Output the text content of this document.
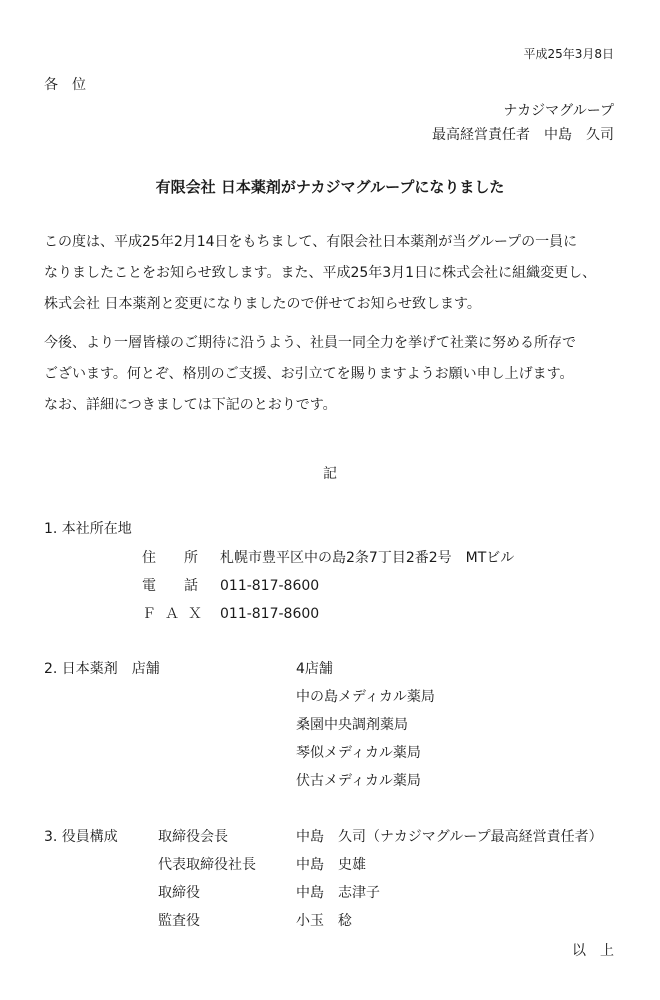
平成25年3月8日
各　位
ナカジマグループ
最高経営責任者　中島　久司
有限会社 日本薬剤がナカジマグループになりました
この度は、平成25年2月14日をもちまして、有限会社日本薬剤が当グループの一員に
なりましたことをお知らせ致します。また、平成25年3月1日に株式会社に組織変更し、
株式会社 日本薬剤と変更になりましたので併せてお知らせ致します。
今後、より一層皆様のご期待に沿うよう、社員一同全力を挙げて社業に努める所存で
ございます。何とぞ、格別のご支援、お引立てを賜りますようお願い申し上げます。
なお、詳細につきましては下記のとおりです。
記
1. 本社所在地
住　　所 札幌市豊平区中の島2条7丁目2番2号　MTビル
電　　話 011-817-8600
ＦＡＸ 011-817-8600
2. 日本薬剤　店舗	4店舗
中の島メディカル薬局
桑園中央調剤薬局
琴似メディカル薬局
伏古メディカル薬局
3. 役員構成	取締役会長	中島　久司（ナカジマグループ最高経営責任者）
代表取締役社長	中島　史雄
取締役	中島　志津子
監査役	小玉　稔
以　上
